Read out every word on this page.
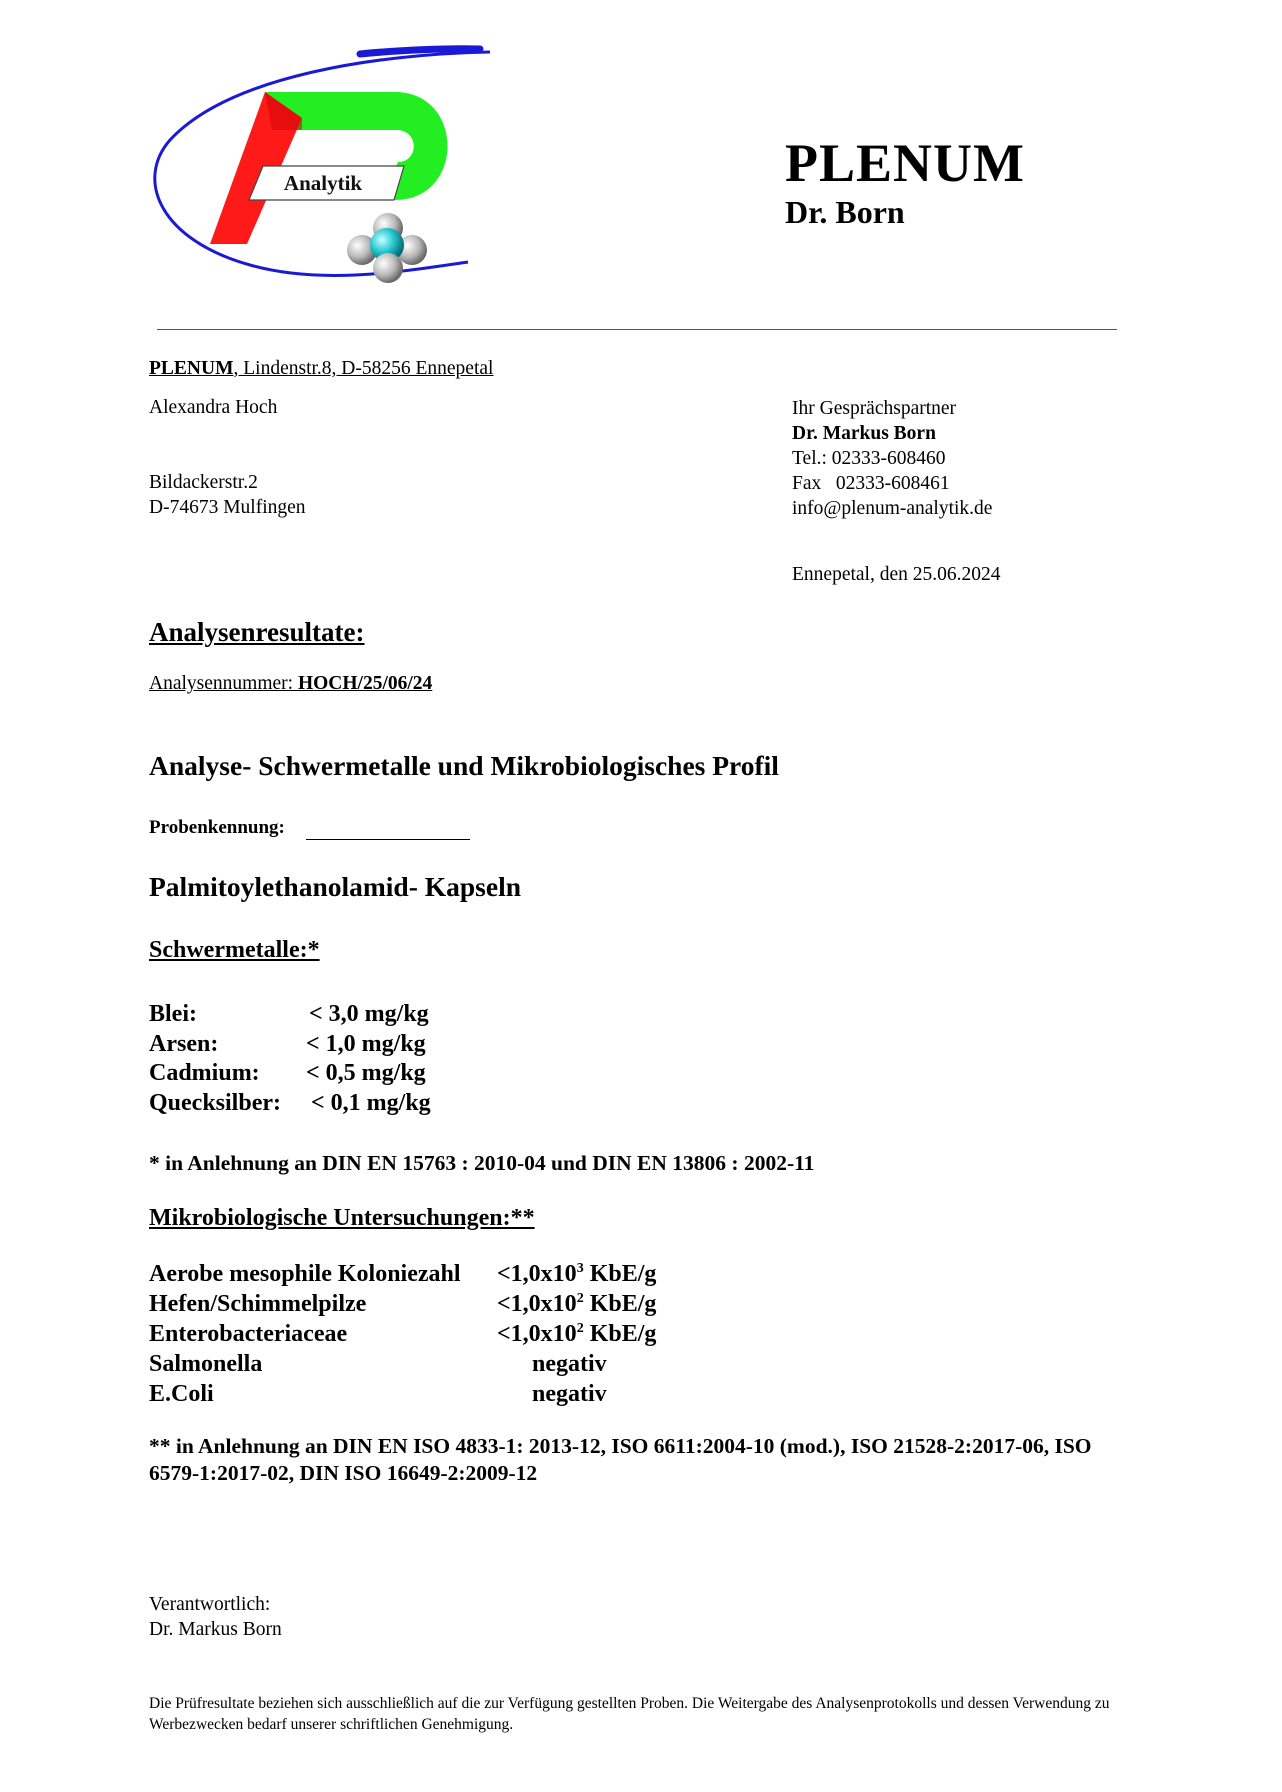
Analytik	PLENUM
Dr. Born
PLENUM, Lindenstr.8, D-58256 Ennepetal
Alexandra Hoch
Bildackerstr.2
D-74673 Mulfingen
Ihr Gesprächspartner
Dr. Markus Born
Tel.: 02333-608460
Fax   02333-608461
info@plenum-analytik.de
Ennepetal, den 25.06.2024
Analysenresultate:
Analysennummer: HOCH/25/06/24
Analyse- Schwermetalle und Mikrobiologisches Profil
Probenkennung:
Palmitoylethanolamid- Kapseln
Schwermetalle:*
Blei:	< 3,0 mg/kg
Arsen:	< 1,0 mg/kg
Cadmium: < 0,5 mg/kg
Quecksilber: < 0,1 mg/kg
* in Anlehnung an DIN EN 15763 : 2010-04 und DIN EN 13806 : 2002-11
Mikrobiologische Untersuchungen:**
Aerobe mesophile Koloniezahl $<1,0x10^3$ KbE/g
Hefen/Schimmelpilze	$<1,0x10^2$ KbE/g
Enterobacteriaceae	$<1,0x10^2$ KbE/g
Salmonella	negativ
E.Coli	negativ
** in Anlehnung an DIN EN ISO 4833-1: 2013-12, ISO 6611:2004-10 (mod.), ISO 21528-2:2017-06, ISO 6579-1:2017-02, DIN ISO 16649-2:2009-12
Verantwortlich:
Dr. Markus Born
Die Prüfresultate beziehen sich ausschließlich auf die zur Verfügung gestellten Proben. Die Weitergabe des Analysenprotokolls und dessen Verwendung zu Werbezwecken bedarf unserer schriftlichen Genehmigung.
